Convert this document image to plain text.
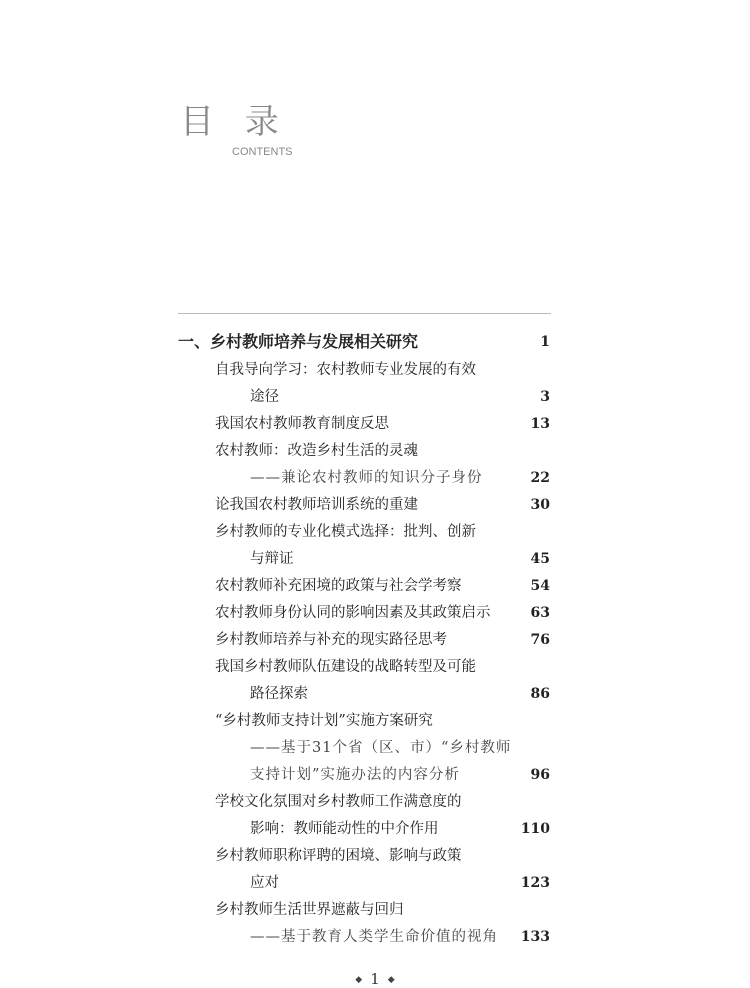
目 录
CONTENTS
一、乡村教师培养与发展相关研究	1
自我导向学习：农村教师专业发展的有效
途径	3
我国农村教师教育制度反思	13
农村教师：改造乡村生活的灵魂
——兼论农村教师的知识分子身份	22
论我国农村教师培训系统的重建	30
乡村教师的专业化模式选择：批判、创新
与辩证	45
农村教师补充困境的政策与社会学考察	54
农村教师身份认同的影响因素及其政策启示	63
乡村教师培养与补充的现实路径思考	76
我国乡村教师队伍建设的战略转型及可能
路径探索	86
“乡村教师支持计划”实施方案研究
——基于31个省（区、市）“乡村教师
支持计划”实施办法的内容分析	96
学校文化氛围对乡村教师工作满意度的
影响：教师能动性的中介作用	110
乡村教师职称评聘的困境、影响与政策
应对	123
乡村教师生活世界遮蔽与回归
——基于教育人类学生命价值的视角	133
◆ 1 ◆
